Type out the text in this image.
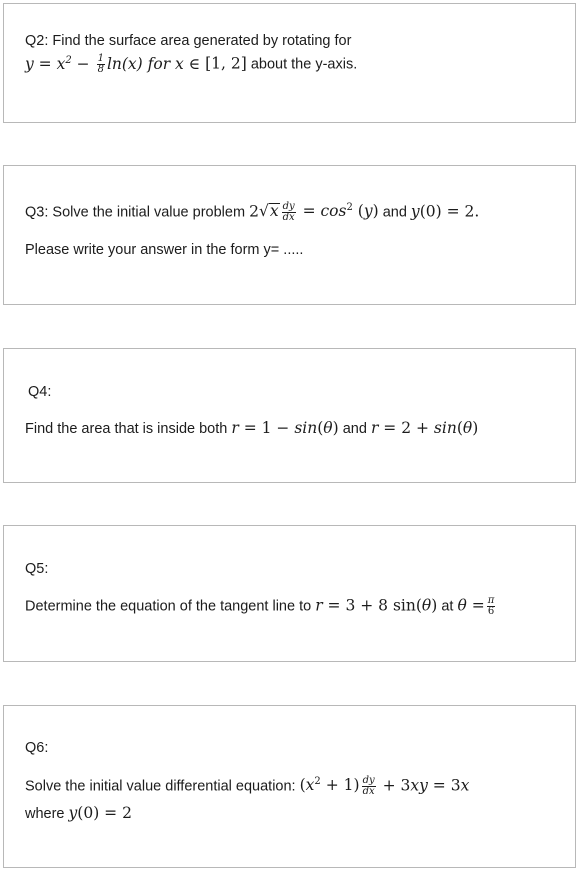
Q2: Find the surface area generated by rotating for
$y = x^2 - \frac{1}{8} \ln(x)$ for x ∈ [1, 2] about the y-axis.
Q3: Solve the initial value problem $2√x \frac{dy}{dx} = \cos^2 (y)$ and y(0) = 2.
Please write your answer in the form y= .....
Q4:
Find the area that is inside both r = 1 − sin(θ) and r = 2 + sin(θ)
Q5:
Determine the equation of the tangent line to r = 3 + 8 sin(θ) at $\theta = \frac{\pi}{6}$
Q6:
Solve the initial value differential equation: $(x^2 + 1) \frac{dy}{dx} + 3xy = 3x$
where y(0) = 2
